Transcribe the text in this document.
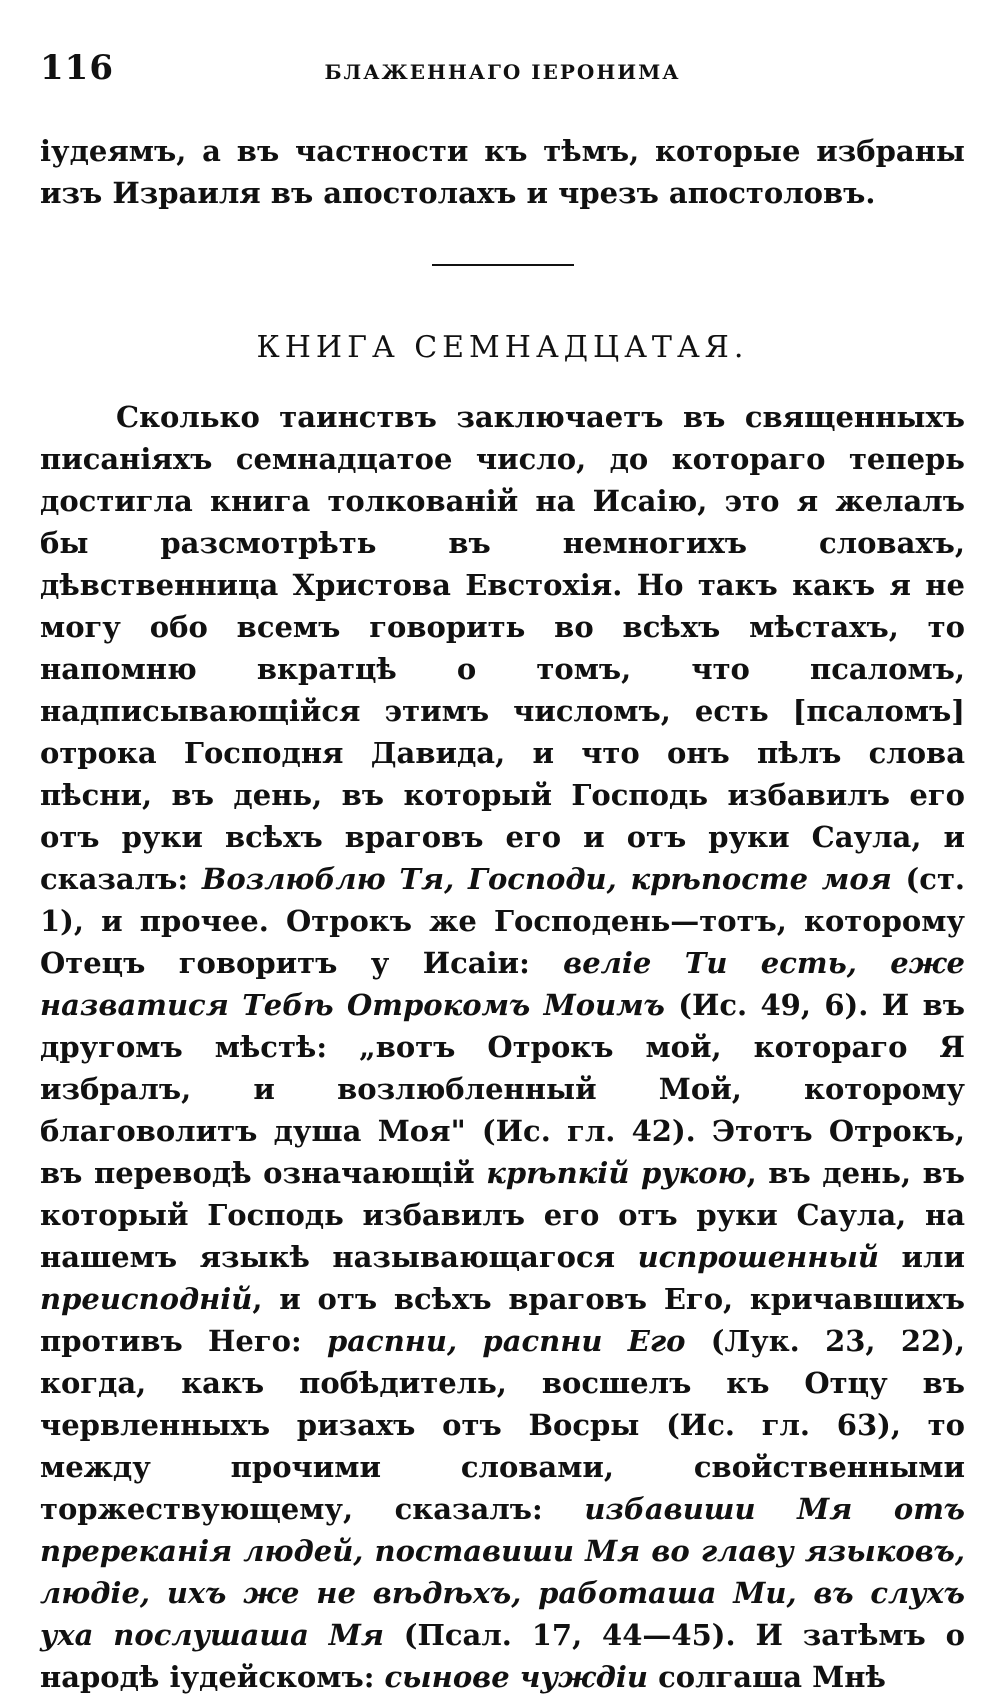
116	БЛАЖЕННАГО ІЕРОНИМА

іудеямъ, а въ частности къ тѣмъ, которые избраны изъ Израиля въ апостолахъ и чрезъ апостоловъ.

КНИГА СЕМНАДЦАТАЯ.

Сколько таинствъ заключаетъ въ священныхъ писаніяхъ семнадцатое число, до котораго теперь достигла книга толкованій на Исаію, это я желалъ бы разсмотрѣть въ немногихъ словахъ, дѣвственница Христова Евстохія. Но такъ какъ я не могу обо всемъ говорить во всѣхъ мѣстахъ, то напомню вкратцѣ о томъ, что псаломъ, надписывающійся этимъ числомъ, есть [псаломъ] отрока Господня Давида, и что онъ пѣлъ слова пѣсни, въ день, въ который Господь избавилъ его отъ руки всѣхъ враговъ его и отъ руки Саула, и сказалъ: Возлюблю Тя, Господи, крѣпосте моя (ст. 1), и прочее. Отрокъ же Господень—тотъ, которому Отецъ говоритъ у Исаіи: веліе Ти есть, еже назватися Тебѣ Отрокомъ Моимъ (Ис. 49, 6). И въ другомъ мѣстѣ: „вотъ Отрокъ мой, котораго Я избралъ, и возлюбленный Мой, которому благоволитъ душа Моя" (Ис. гл. 42). Этотъ Отрокъ, въ переводѣ означающій крѣпкій рукою, въ день, въ который Господь избавилъ его отъ руки Саула, на нашемъ языкѣ называющагося испрошенный или преисподній, и отъ всѣхъ враговъ Его, кричавшихъ противъ Него: распни, распни Его (Лук. 23, 22), когда, какъ побѣдитель, восшелъ къ Отцу въ червленныхъ ризахъ отъ Восры (Ис. гл. 63), то между прочими словами, свойственными торжествующему, сказалъ: избавиши Мя отъ пререканія людей, поставиши Мя во главу языковъ, людіе, ихъ же не вѣдѣхъ, работаша Ми, въ слухъ уха послушаша Мя (Псал. 17, 44—45). И затѣмъ о народѣ іудейскомъ: сынове чуждіи солгаша Мнѣ
